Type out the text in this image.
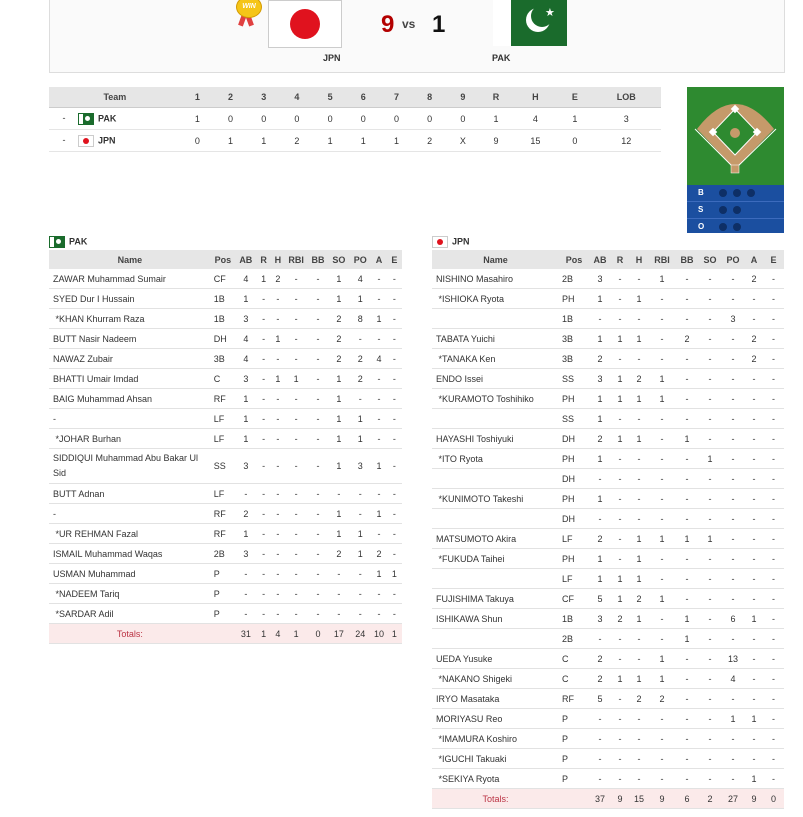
WIN
JPN
9 vs 1	★
PAK
Team	1	2	3	4	5	6	7	8	9	R	H	E	LOB
- PAK	1	0	0	0	0	0	0	0	0	1	4	1	3
- JPN	0	1	1	2	1	1	1	2	X	9	15	0	12
B
S
O
PAK
Name	Pos	AB	R	H	RBI	BB	SO	PO	A	E
ZAWAR Muhammad Sumair	CF	4	1	2	-	-	1	4	-	-
SYED Dur I Hussain	1B	1	-	-	-	-	1	1	-	-
*KHAN Khurram Raza	1B	3	-	-	-	-	2	8	1	-
BUTT Nasir Nadeem	DH	4	-	1	-	-	2	-	-	-
NAWAZ Zubair	3B	4	-	-	-	-	2	2	4	-
BHATTI Umair Imdad	C	3	-	1	1	-	1	2	-	-
BAIG Muhammad Ahsan	RF	1	-	-	-	-	1	-	-	-
-	LF	1	-	-	-	-	1	1	-	-
*JOHAR Burhan	LF	1	-	-	-	-	1	1	-	-
SIDDIQUI Muhammad Abu Bakar Ul Sid	SS	3	-	-	-	-	1	3	1	-
BUTT Adnan	LF	-	-	-	-	-	-	-	-	-
-	RF	2	-	-	-	-	1	-	1	-
*UR REHMAN Fazal	RF	1	-	-	-	-	1	1	-	-
ISMAIL Muhammad Waqas	2B	3	-	-	-	-	2	1	2	-
USMAN Muhammad	P	-	-	-	-	-	-	-	1	1
*NADEEM Tariq	P	-	-	-	-	-	-	-	-	-
*SARDAR Adil	P	-	-	-	-	-	-	-	-	-
Totals:		31	1	4	1	0	17	24	10	1
JPN
Name	Pos	AB	R	H	RBI	BB	SO	PO	A	E
NISHINO Masahiro	2B	3	-	-	1	-	-	-	2	-
*ISHIOKA Ryota	PH	1	-	1	-	-	-	-	-	-
	1B	-	-	-	-	-	-	3	-	-
TABATA Yuichi	3B	1	1	1	-	2	-	-	2	-
*TANAKA Ken	3B	2	-	-	-	-	-	-	2	-
ENDO Issei	SS	3	1	2	1	-	-	-	-	-
*KURAMOTO Toshihiko	PH	1	1	1	1	-	-	-	-	-
	SS	1	-	-	-	-	-	-	-	-
HAYASHI Toshiyuki	DH	2	1	1	-	1	-	-	-	-
*ITO Ryota	PH	1	-	-	-	-	1	-	-	-
	DH	-	-	-	-	-	-	-	-	-
*KUNIMOTO Takeshi	PH	1	-	-	-	-	-	-	-	-
	DH	-	-	-	-	-	-	-	-	-
MATSUMOTO Akira	LF	2	-	1	1	1	1	-	-	-
*FUKUDA Taihei	PH	1	-	1	-	-	-	-	-	-
	LF	1	1	1	-	-	-	-	-	-
FUJISHIMA Takuya	CF	5	1	2	1	-	-	-	-	-
ISHIKAWA Shun	1B	3	2	1	-	1	-	6	1	-
	2B	-	-	-	-	1	-	-	-	-
UEDA Yusuke	C	2	-	-	1	-	-	13	-	-
*NAKANO Shigeki	C	2	1	1	1	-	-	4	-	-
IRYO Masataka	RF	5	-	2	2	-	-	-	-	-
MORIYASU Reo	P	-	-	-	-	-	-	1	1	-
*IMAMURA Koshiro	P	-	-	-	-	-	-	-	-	-
*IGUCHI Takuaki	P	-	-	-	-	-	-	-	-	-
*SEKIYA Ryota	P	-	-	-	-	-	-	-	1	-
Totals:		37	9	15	9	6	2	27	9	0
